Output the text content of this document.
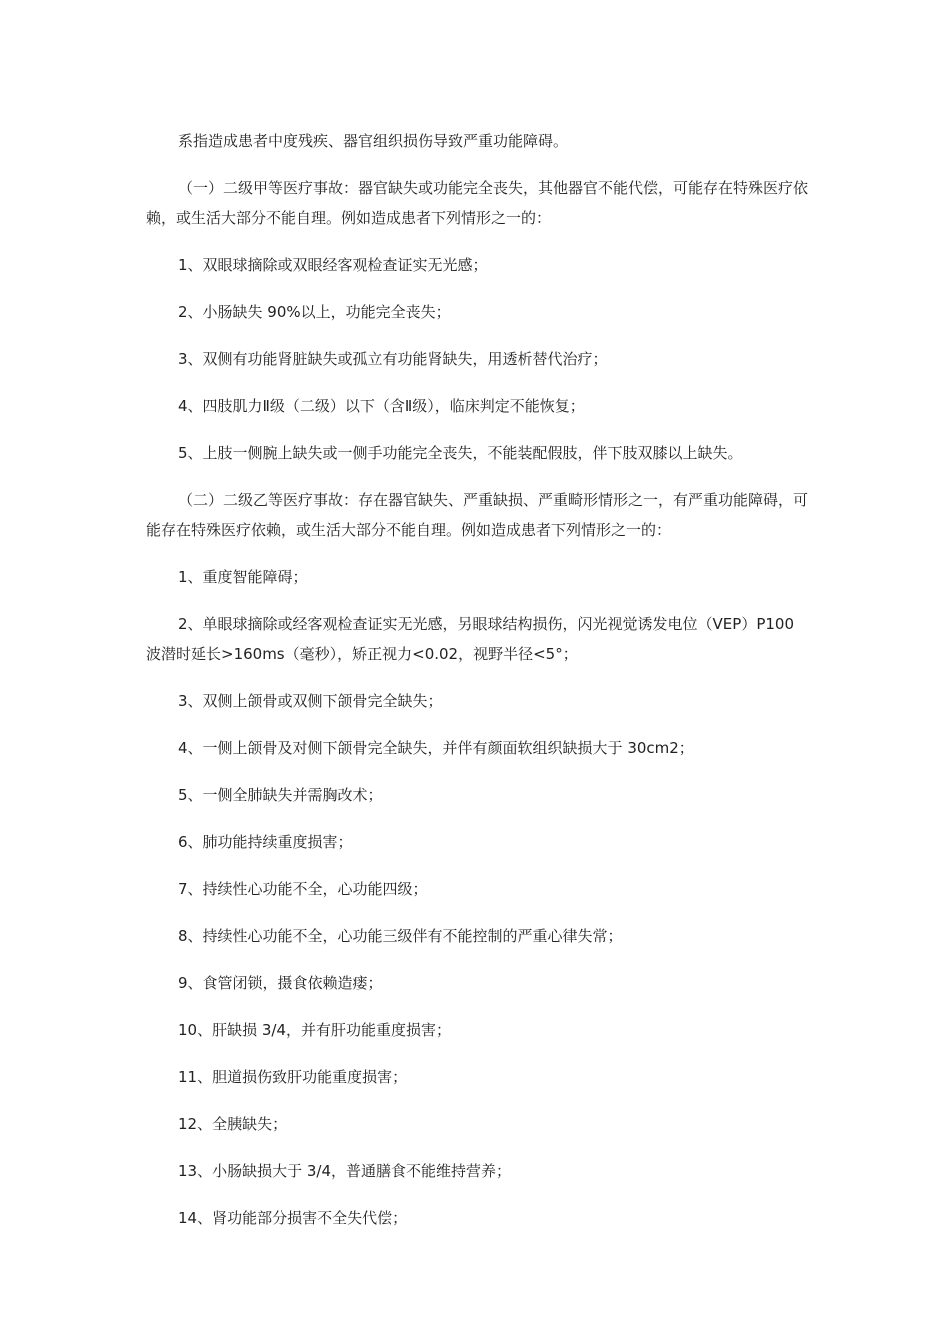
系指造成患者中度残疾、器官组织损伤导致严重功能障碍。

（一）二级甲等医疗事故：器官缺失或功能完全丧失，其他器官不能代偿，可能存在特殊医疗依赖，或生活大部分不能自理。例如造成患者下列情形之一的：

1、双眼球摘除或双眼经客观检查证实无光感；

2、小肠缺失 90%以上，功能完全丧失；

3、双侧有功能肾脏缺失或孤立有功能肾缺失，用透析替代治疗；

4、四肢肌力Ⅱ级（二级）以下（含Ⅱ级），临床判定不能恢复；

5、上肢一侧腕上缺失或一侧手功能完全丧失，不能装配假肢，伴下肢双膝以上缺失。

（二）二级乙等医疗事故：存在器官缺失、严重缺损、严重畸形情形之一，有严重功能障碍，可能存在特殊医疗依赖，或生活大部分不能自理。例如造成患者下列情形之一的：

1、重度智能障碍；

2、单眼球摘除或经客观检查证实无光感，另眼球结构损伤，闪光视觉诱发电位（VEP）P100 波潜时延长>160ms（毫秒），矫正视力<0.02，视野半径<5°；

3、双侧上颌骨或双侧下颌骨完全缺失；

4、一侧上颌骨及对侧下颌骨完全缺失，并伴有颜面软组织缺损大于 30cm2；

5、一侧全肺缺失并需胸改术；

6、肺功能持续重度损害；

7、持续性心功能不全，心功能四级；

8、持续性心功能不全，心功能三级伴有不能控制的严重心律失常；

9、食管闭锁，摄食依赖造瘘；

10、肝缺损 3/4，并有肝功能重度损害；

11、胆道损伤致肝功能重度损害；

12、全胰缺失；

13、小肠缺损大于 3/4，普通膳食不能维持营养；

14、肾功能部分损害不全失代偿；
